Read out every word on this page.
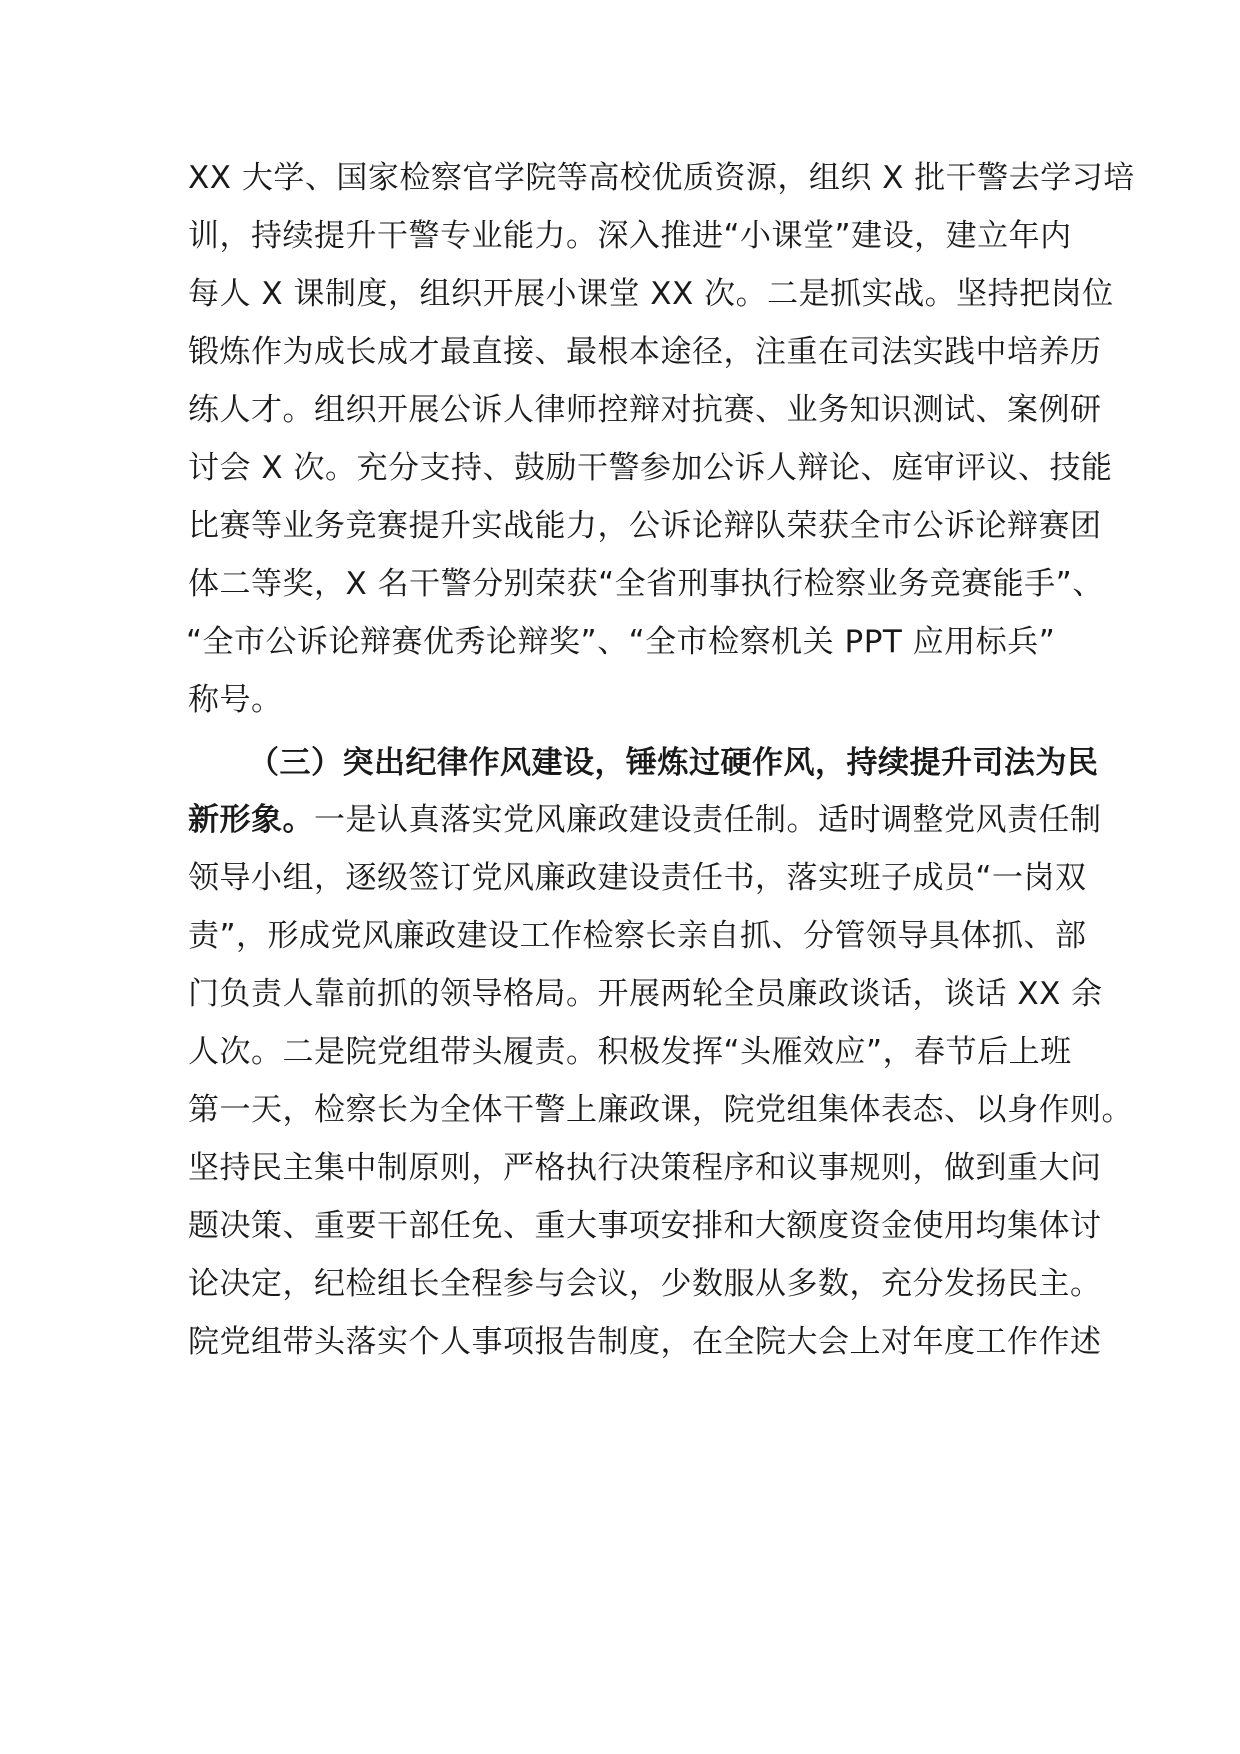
XX 大学、国家检察官学院等高校优质资源，组织 X 批干警去学习培
训，持续提升干警专业能力。深入推进“小课堂”建设，建立年内
每人 X 课制度，组织开展小课堂 XX 次。二是抓实战。坚持把岗位
锻炼作为成长成才最直接、最根本途径，注重在司法实践中培养历
练人才。组织开展公诉人律师控辩对抗赛、业务知识测试、案例研
讨会 X 次。充分支持、鼓励干警参加公诉人辩论、庭审评议、技能
比赛等业务竞赛提升实战能力，公诉论辩队荣获全市公诉论辩赛团
体二等奖，X 名干警分别荣获“全省刑事执行检察业务竞赛能手”、
“全市公诉论辩赛优秀论辩奖”、“全市检察机关 PPT 应用标兵”
称号。
（三）突出纪律作风建设，锤炼过硬作风，持续提升司法为民
新形象。一是认真落实党风廉政建设责任制。适时调整党风责任制
领导小组，逐级签订党风廉政建设责任书，落实班子成员“一岗双
责”，形成党风廉政建设工作检察长亲自抓、分管领导具体抓、部
门负责人靠前抓的领导格局。开展两轮全员廉政谈话，谈话 XX 余
人次。二是院党组带头履责。积极发挥“头雁效应”，春节后上班
第一天，检察长为全体干警上廉政课，院党组集体表态、以身作则。
坚持民主集中制原则，严格执行决策程序和议事规则，做到重大问
题决策、重要干部任免、重大事项安排和大额度资金使用均集体讨
论决定，纪检组长全程参与会议，少数服从多数，充分发扬民主。
院党组带头落实个人事项报告制度，在全院大会上对年度工作作述
